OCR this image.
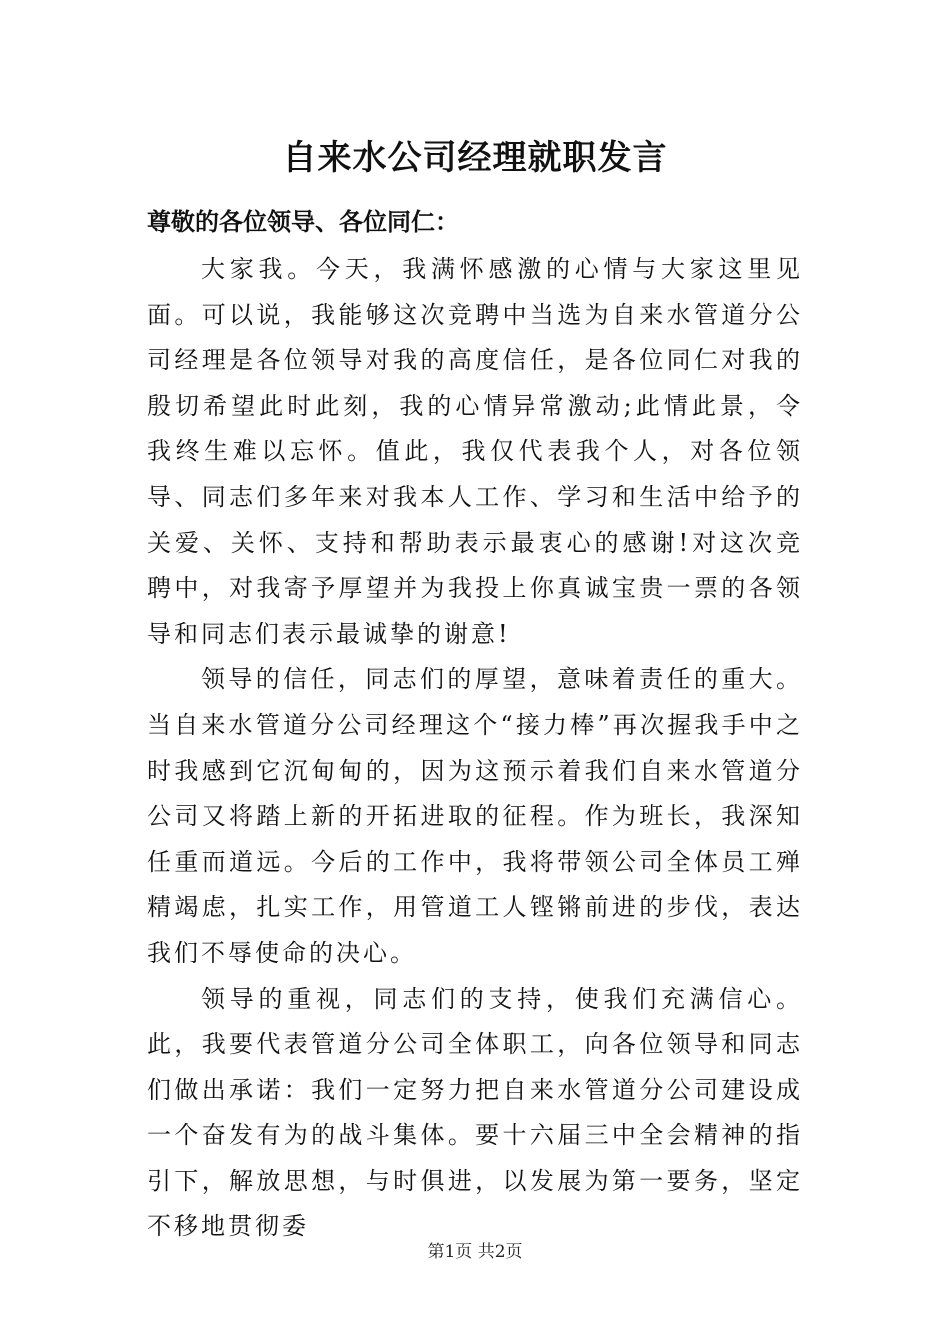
自来水公司经理就职发言
尊敬的各位领导、各位同仁：

大家我。今天，我满怀感激的心情与大家这里见面。可以说，我能够这次竞聘中当选为自来水管道分公司经理是各位领导对我的高度信任，是各位同仁对我的殷切希望此时此刻，我的心情异常激动;此情此景，令我终生难以忘怀。值此，我仅代表我个人，对各位领导、同志们多年来对我本人工作、学习和生活中给予的关爱、关怀、支持和帮助表示最衷心的感谢!对这次竞聘中，对我寄予厚望并为我投上你真诚宝贵一票的各领导和同志们表示最诚挚的谢意!

领导的信任，同志们的厚望，意味着责任的重大。当自来水管道分公司经理这个“接力棒”再次握我手中之时我感到它沉甸甸的，因为这预示着我们自来水管道分公司又将踏上新的开拓进取的征程。作为班长，我深知任重而道远。今后的工作中，我将带领公司全体员工殚精竭虑，扎实工作，用管道工人铿锵前进的步伐，表达我们不辱使命的决心。

领导的重视，同志们的支持，使我们充满信心。此，我要代表管道分公司全体职工，向各位领导和同志们做出承诺：我们一定努力把自来水管道分公司建设成一个奋发有为的战斗集体。要十六届三中全会精神的指引下，解放思想，与时俱进，以发展为第一要务，坚定不移地贯彻委

第1页 共2页
